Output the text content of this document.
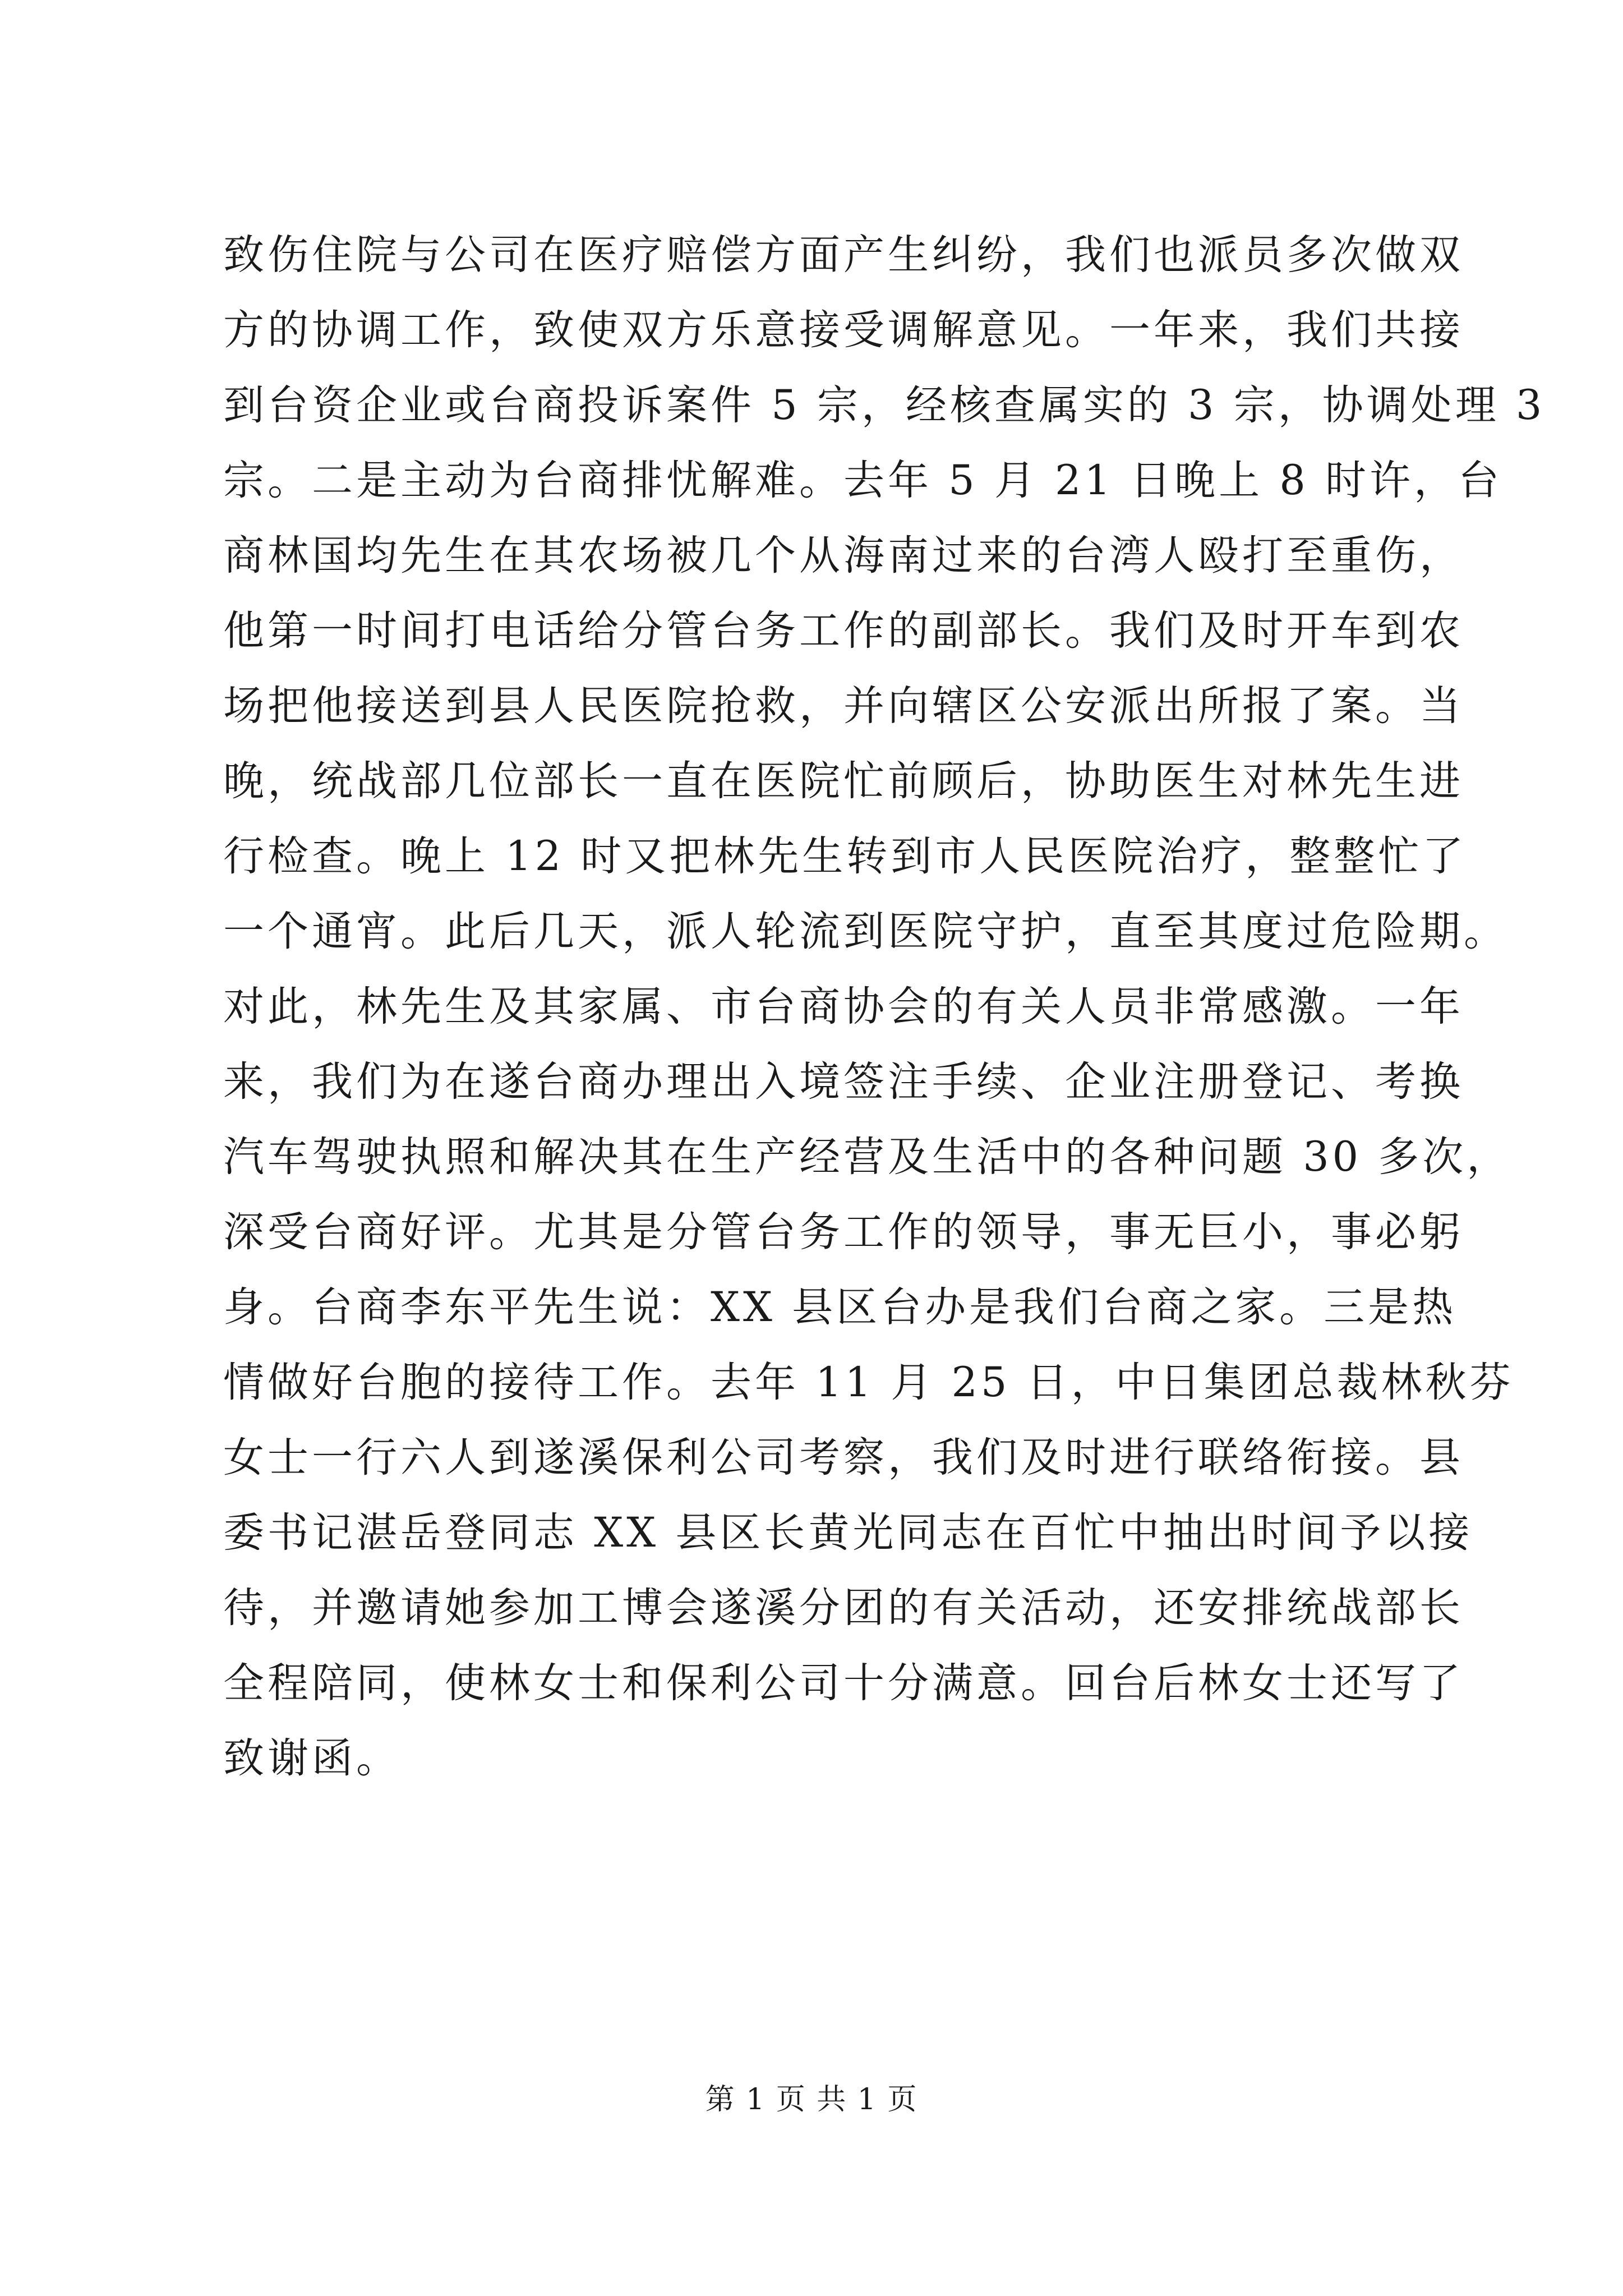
致伤住院与公司在医疗赔偿方面产生纠纷，我们也派员多次做双
方的协调工作，致使双方乐意接受调解意见。一年来，我们共接
到台资企业或台商投诉案件 5 宗，经核查属实的 3 宗，协调处理 3
宗。二是主动为台商排忧解难。去年 5 月 21 日晚上 8 时许，台
商林国均先生在其农场被几个从海南过来的台湾人殴打至重伤，
他第一时间打电话给分管台务工作的副部长。我们及时开车到农
场把他接送到县人民医院抢救，并向辖区公安派出所报了案。当
晚，统战部几位部长一直在医院忙前顾后，协助医生对林先生进
行检查。晚上 12 时又把林先生转到市人民医院治疗，整整忙了
一个通宵。此后几天，派人轮流到医院守护，直至其度过危险期。
对此，林先生及其家属、市台商协会的有关人员非常感激。一年
来，我们为在遂台商办理出入境签注手续、企业注册登记、考换
汽车驾驶执照和解决其在生产经营及生活中的各种问题 30 多次，
深受台商好评。尤其是分管台务工作的领导，事无巨小，事必躬
身。台商李东平先生说：XX 县区台办是我们台商之家。三是热
情做好台胞的接待工作。去年 11 月 25 日，中日集团总裁林秋芬
女士一行六人到遂溪保利公司考察，我们及时进行联络衔接。县
委书记湛岳登同志 XX 县区长黄光同志在百忙中抽出时间予以接
待，并邀请她参加工博会遂溪分团的有关活动，还安排统战部长
全程陪同，使林女士和保利公司十分满意。回台后林女士还写了
致谢函。
第 1 页 共 1 页
